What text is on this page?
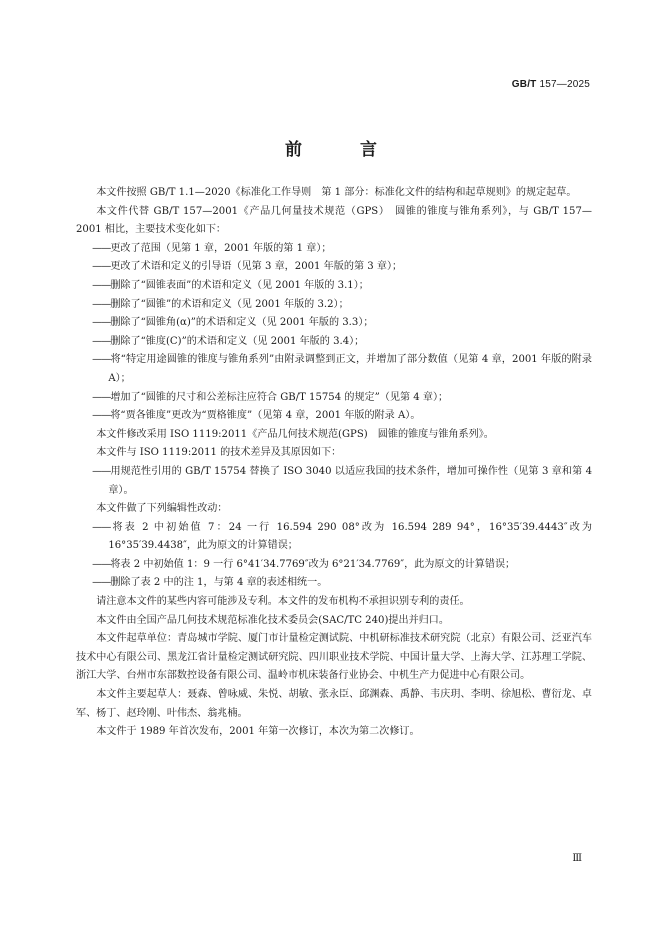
GB/T 157—2025
前 言

本文件按照 GB/T 1.1—2020《标准化工作导则　第 1 部分：标准化文件的结构和起草规则》的规定起草。

本文件代替 GB/T 157—2001《产品几何量技术规范（GPS）　圆锥的锥度与锥角系列》，与 GB/T 157—2001 相比，主要技术变化如下：

——更改了范围（见第 1 章，2001 年版的第 1 章）；

——更改了术语和定义的引导语（见第 3 章，2001 年版的第 3 章）；

——删除了“圆锥表面”的术语和定义（见 2001 年版的 3.1）；

——删除了“圆锥”的术语和定义（见 2001 年版的 3.2）；

——删除了“圆锥角(α)”的术语和定义（见 2001 年版的 3.3）；

——删除了“锥度(C)”的术语和定义（见 2001 年版的 3.4）；

——将“特定用途圆锥的锥度与锥角系列”由附录调整到正文，并增加了部分数值（见第 4 章，2001 年版的附录 A）；

——增加了“圆锥的尺寸和公差标注应符合 GB/T 15754 的规定”（见第 4 章）；

——将“贾各锥度”更改为“贾格锥度”（见第 4 章，2001 年版的附录 A）。

本文件修改采用 ISO 1119:2011《产品几何技术规范(GPS)　圆锥的锥度与锥角系列》。

本文件与 ISO 1119:2011 的技术差异及其原因如下：

——用规范性引用的 GB/T 15754 替换了 ISO 3040 以适应我国的技术条件，增加可操作性（见第 3 章和第 4 章）。

本文件做了下列编辑性改动：

——将表 2 中初始值 7：24 一行 16.594 290 08°改为 16.594 289 94°，16°35′39.4443″改为 16°35′39.4438″，此为原文的计算错误；

——将表 2 中初始值 1：9 一行 6°41′34.7769″改为 6°21′34.7769″，此为原文的计算错误；

——删除了表 2 中的注 1，与第 4 章的表述相统一。

请注意本文件的某些内容可能涉及专利。本文件的发布机构不承担识别专利的责任。

本文件由全国产品几何技术规范标准化技术委员会(SAC/TC 240)提出并归口。

本文件起草单位：青岛城市学院、厦门市计量检定测试院、中机研标准技术研究院（北京）有限公司、泛亚汽车技术中心有限公司、黑龙江省计量检定测试研究院、四川职业技术学院、中国计量大学、上海大学、江苏理工学院、浙江大学、台州市东部数控设备有限公司、温岭市机床装备行业协会、中机生产力促进中心有限公司。

本文件主要起草人：聂森、曾咏威、朱悦、胡敏、张永臣、邱渊森、禹静、韦庆玥、李明、徐旭松、曹衍龙、卓军、杨丁、赵玲刚、叶伟杰、翁兆楠。

本文件于 1989 年首次发布，2001 年第一次修订，本次为第二次修订。

Ⅲ
